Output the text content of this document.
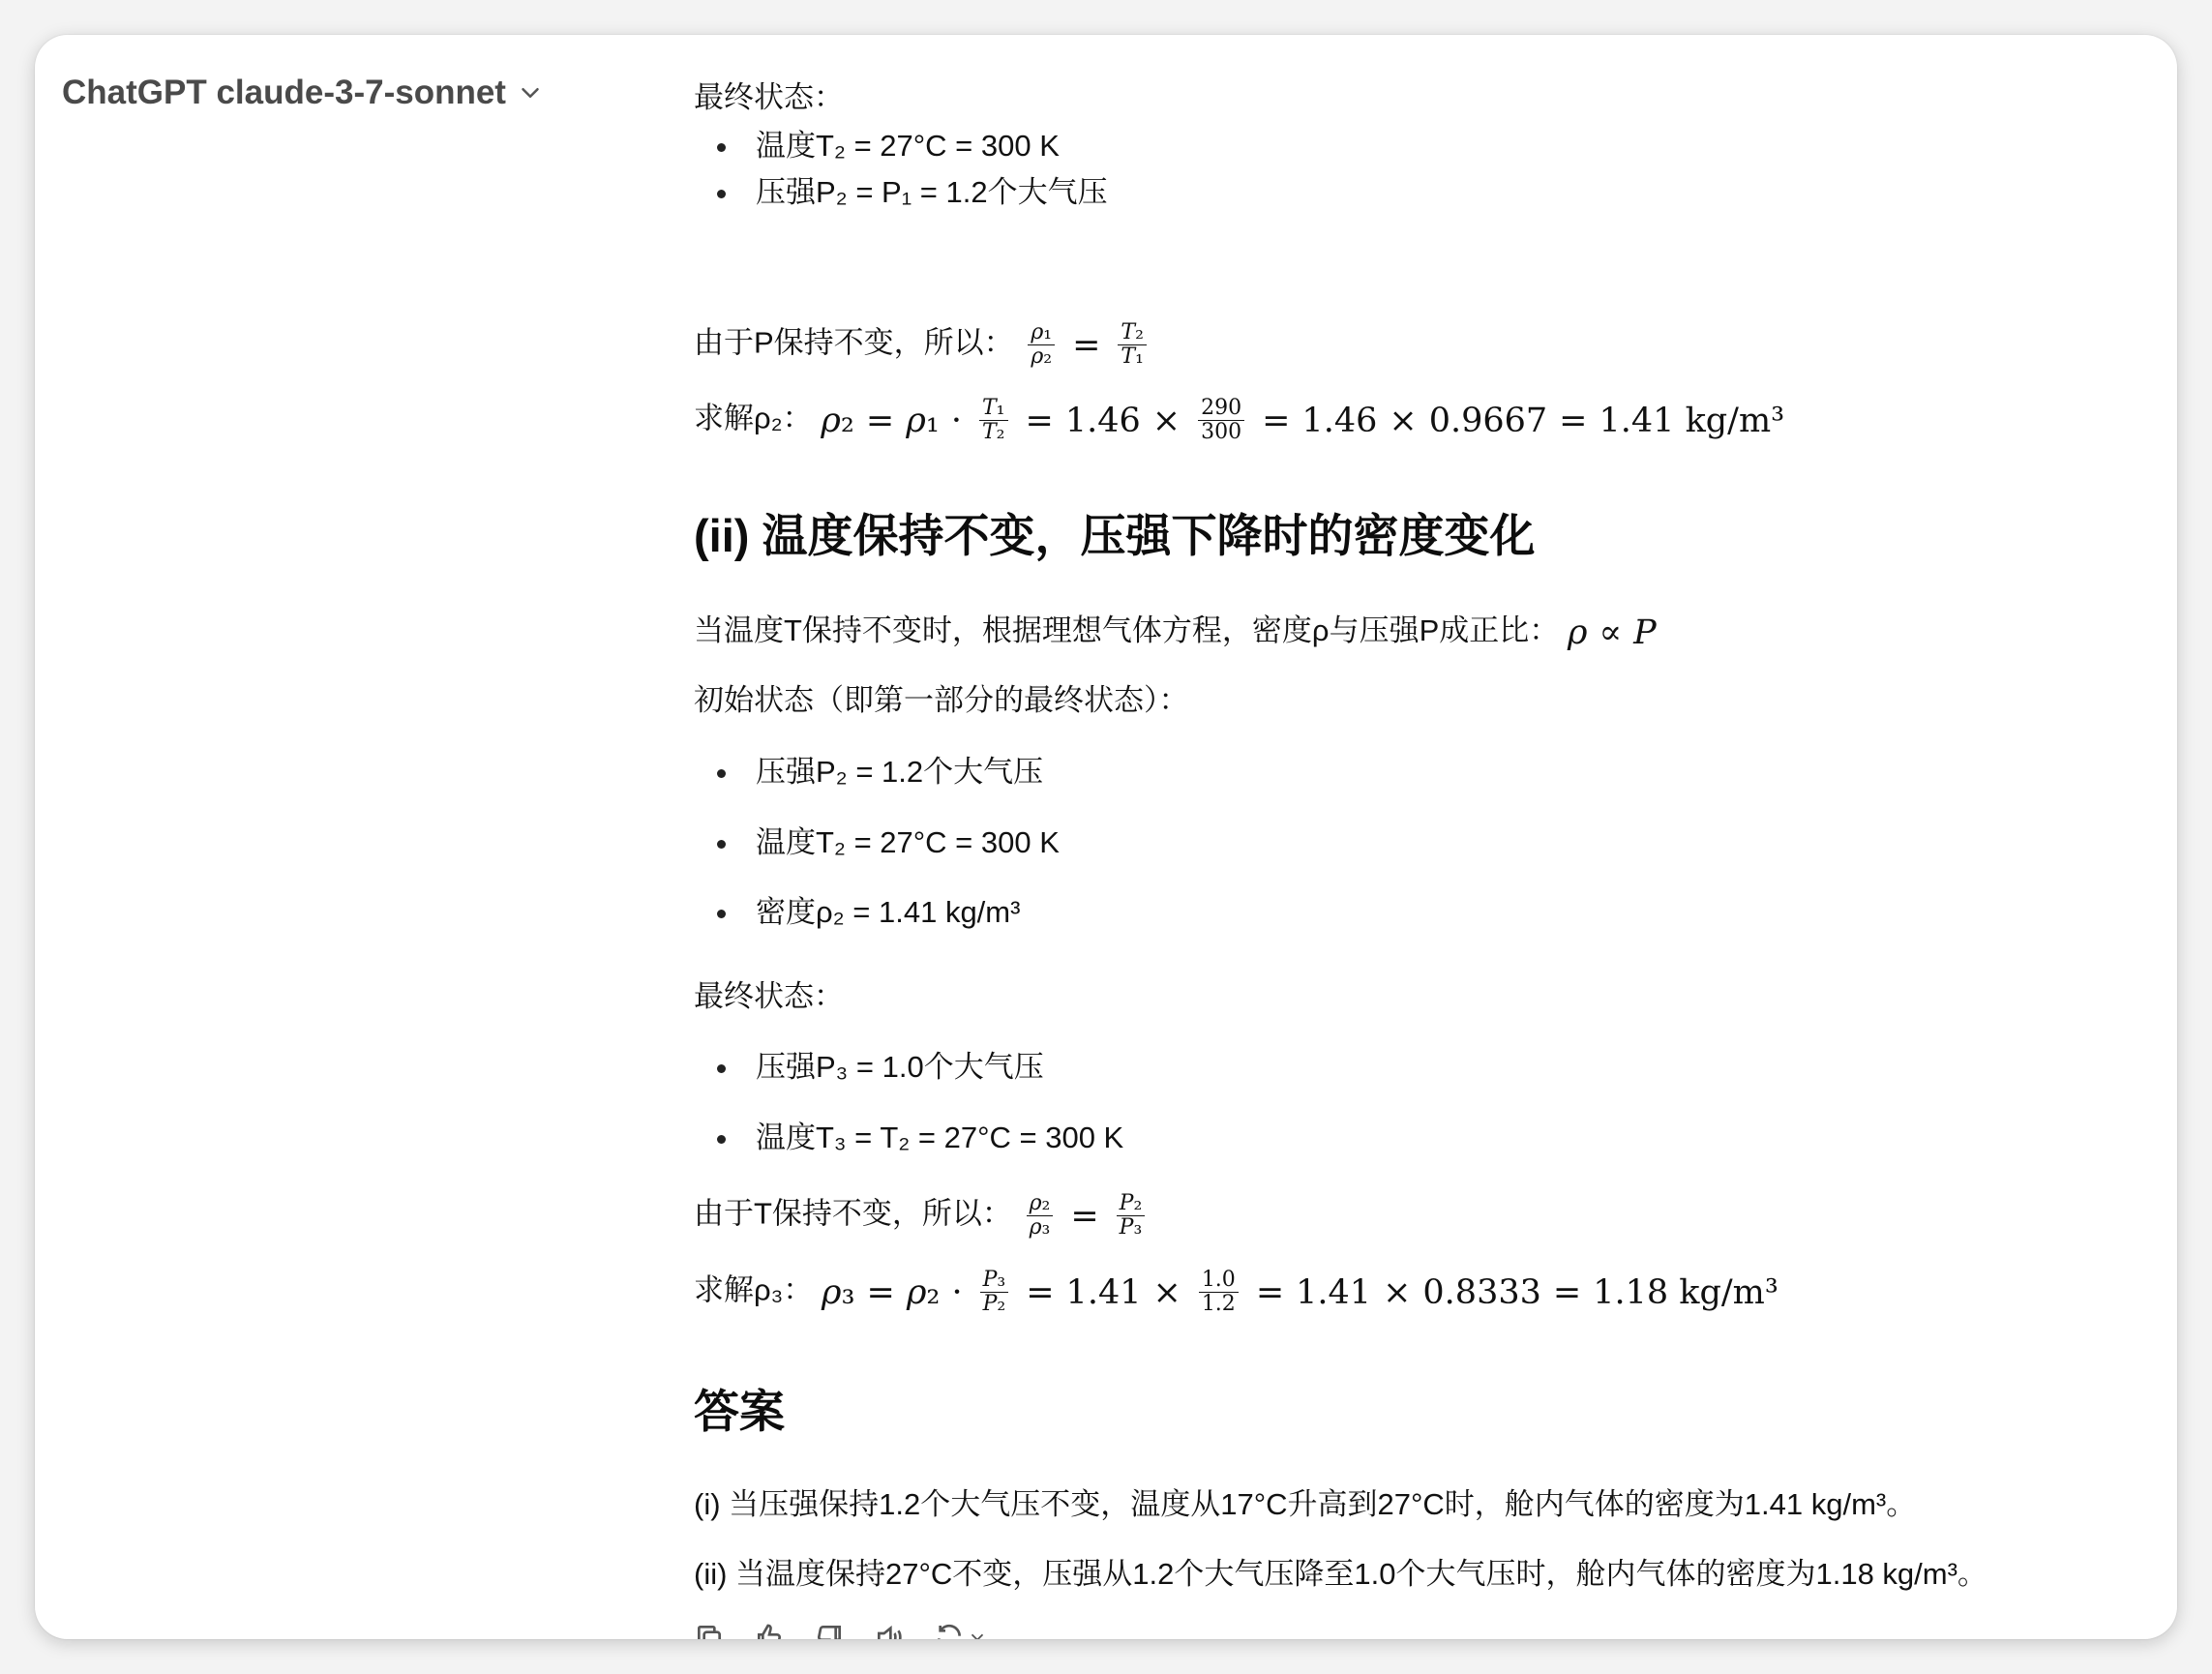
ChatGPT claude-3-7-sonnet	最终状态：
温度T₂ = 27°C = 300 K
压强P₂ = P₁ = 1.2个大气压
由于P保持不变，所以： $\frac{\text{ρ₁}}{\text{ρ₂}} = \frac{\text{T₂}}{\text{T₁}}$
求解ρ₂： ρ ₂ = ρ $_1 \cdot \frac{\text{T₁}}{\text{T₂}} = 1.46 \times \frac{290}{300} = 1.46 \times 0.9667 = 1.41$
kg/m³
(ii) 温度保持不变，压强下降时的密度变化
当温度T保持不变时，根据理想气体方程，密度ρ与压强P成正比： ρ ∝ P
初始状态（即第一部分的最终状态）：
压强P₂ = 1.2个大气压
温度T₂ = 27°C = 300 K
密度ρ₂ = 1.41 kg/m³
最终状态：
压强P₃ = 1.0个大气压
温度T₃ = T₂ = 27°C = 300 K
由于T保持不变，所以： $\frac{\text{ρ₂}}{\text{ρ₃}} = \frac{\text{P₂}}{\text{P₃}}$
求解ρ₃： ρ ₃ = ρ $_2 \cdot \frac{\text{P₃}}{\text{P₂}} = 1.41 \times \frac{1.0}{1.2} = 1.41 \times 0.8333 = 1.18$
kg/m³
答案
(i) 当压强保持1.2个大气压不变，温度从17°C升高到27°C时，舱内气体的密度为1.41 kg/m³。
(ii) 当温度保持27°C不变，压强从1.2个大气压降至1.0个大气压时，舱内气体的密度为1.18 kg/m³。
